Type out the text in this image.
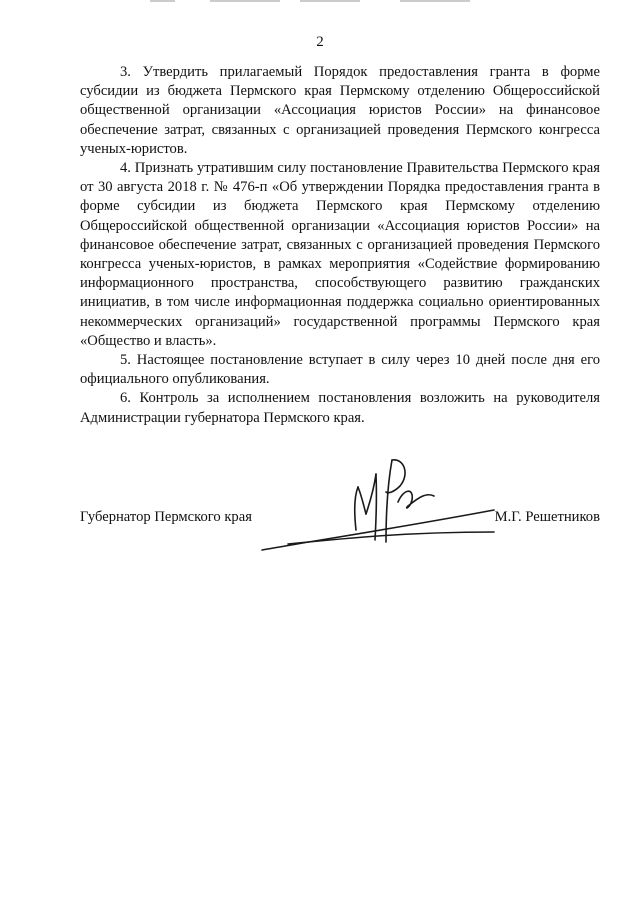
2

3. Утвердить прилагаемый Порядок предоставления гранта в форме субсидии из бюджета Пермского края Пермскому отделению Общероссийской общественной организации «Ассоциация юристов России» на финансовое обеспечение затрат, связанных с организацией проведения Пермского конгресса ученых-юристов.

4. Признать утратившим силу постановление Правительства Пермского края от 30 августа 2018 г. № 476-п «Об утверждении Порядка предоставления гранта в форме субсидии из бюджета Пермского края Пермскому отделению Общероссийской общественной организации «Ассоциация юристов России» на финансовое обеспечение затрат, связанных с организацией проведения Пермского конгресса ученых-юристов, в рамках мероприятия «Содействие формированию информационного пространства, способствующего развитию гражданских инициатив, в том числе информационная поддержка социально ориентированных некоммерческих организаций» государственной программы Пермского края «Общество и власть».

5. Настоящее постановление вступает в силу через 10 дней после дня его официального опубликования.

6. Контроль за исполнением постановления возложить на руководителя Администрации губернатора Пермского края.

Губернатор Пермского края	М.Г. Решетников
